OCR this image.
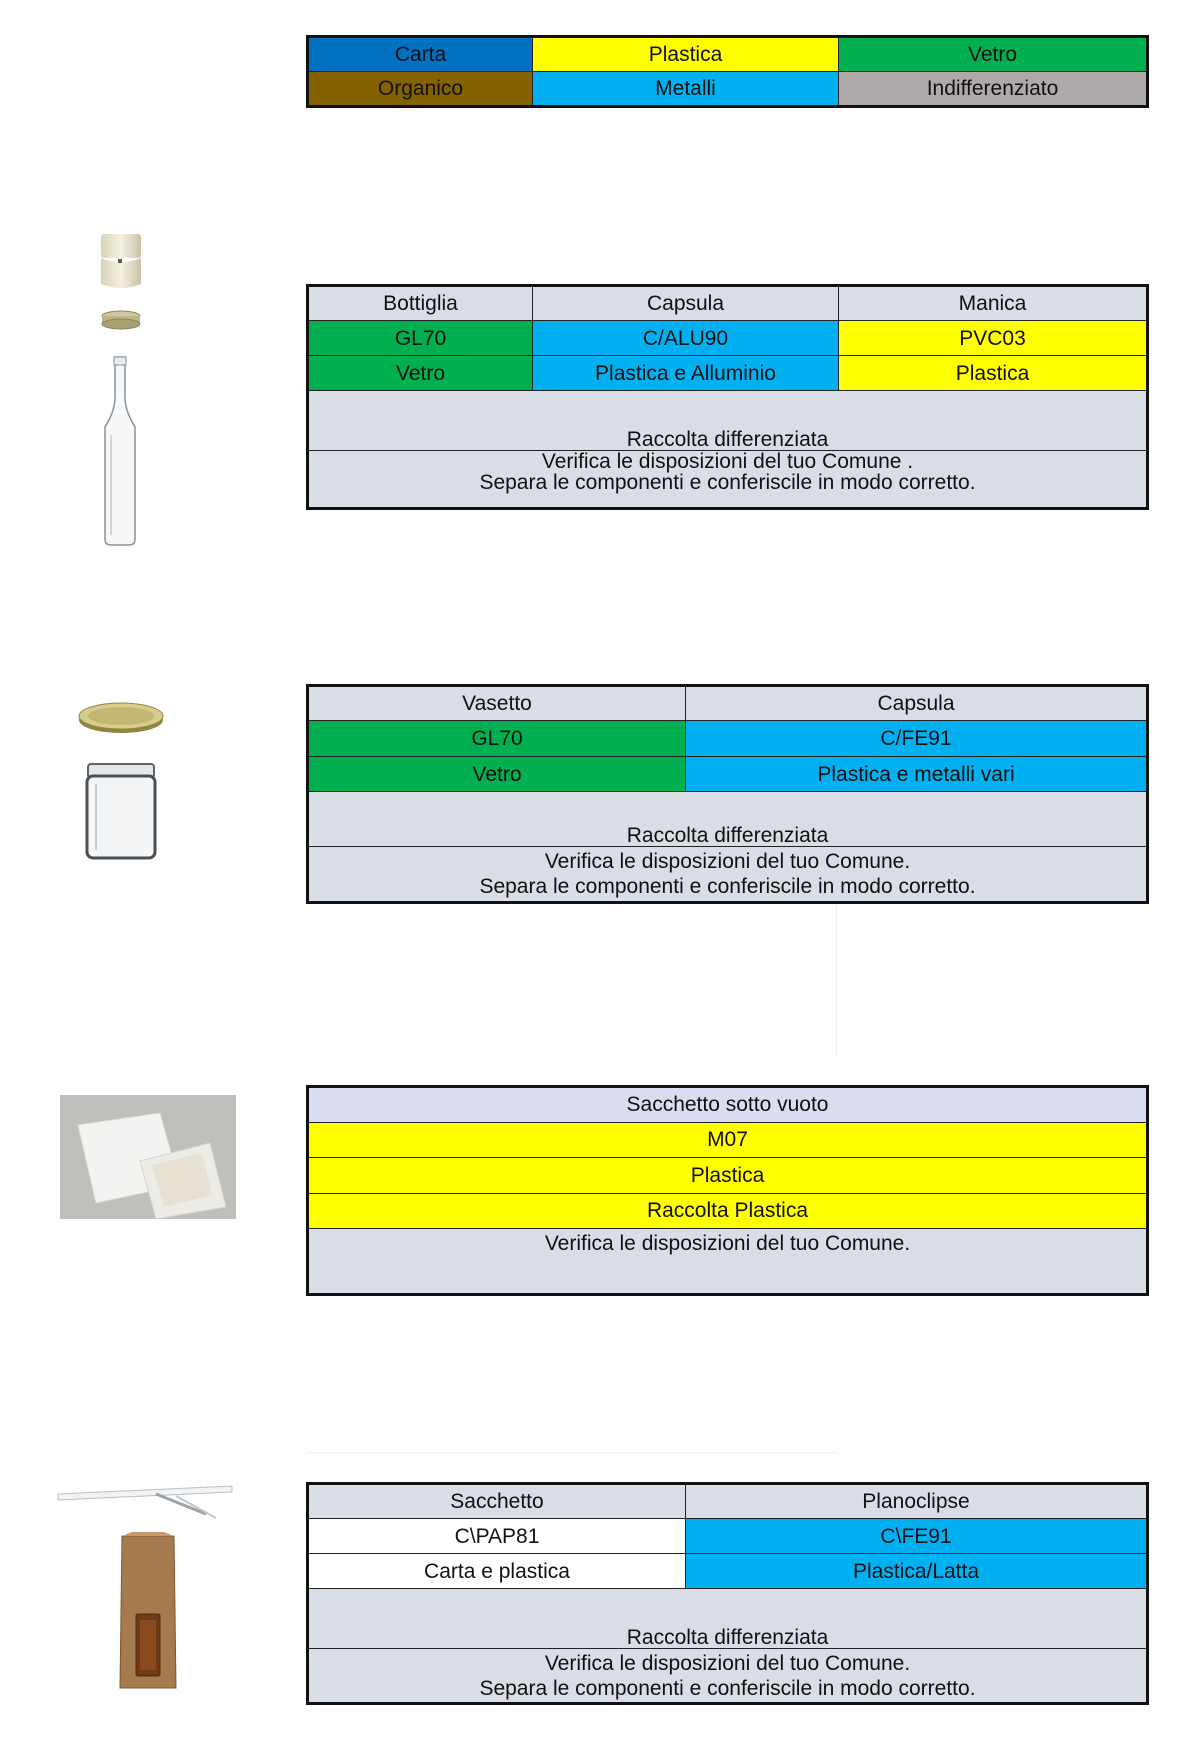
Carta	Plastica	Vetro
Organico	Metalli	Indifferenziato
Bottiglia	Capsula	Manica
GL70	C/ALU90	PVC03
Vetro	Plastica e Alluminio	Plastica
Raccolta differenziata		

Verifica le disposizioni del tuo Comune .
Separa le componenti e conferiscile in modo corretto.		
Vasetto	Capsula
GL70	C/FE91
Vetro	Plastica e metalli vari
Raccolta differenziata	

Verifica le disposizioni del tuo Comune.
Separa le componenti e conferiscile in modo corretto.	
Sacchetto sotto vuoto
M07
Plastica
Raccolta Plastica
Verifica le disposizioni del tuo Comune.
Sacchetto	Planoclipse
C\PAP81	C\FE91
Carta e plastica	Plastica/Latta
Raccolta differenziata	

Verifica le disposizioni del tuo Comune.
Separa le componenti e conferiscile in modo corretto.	
